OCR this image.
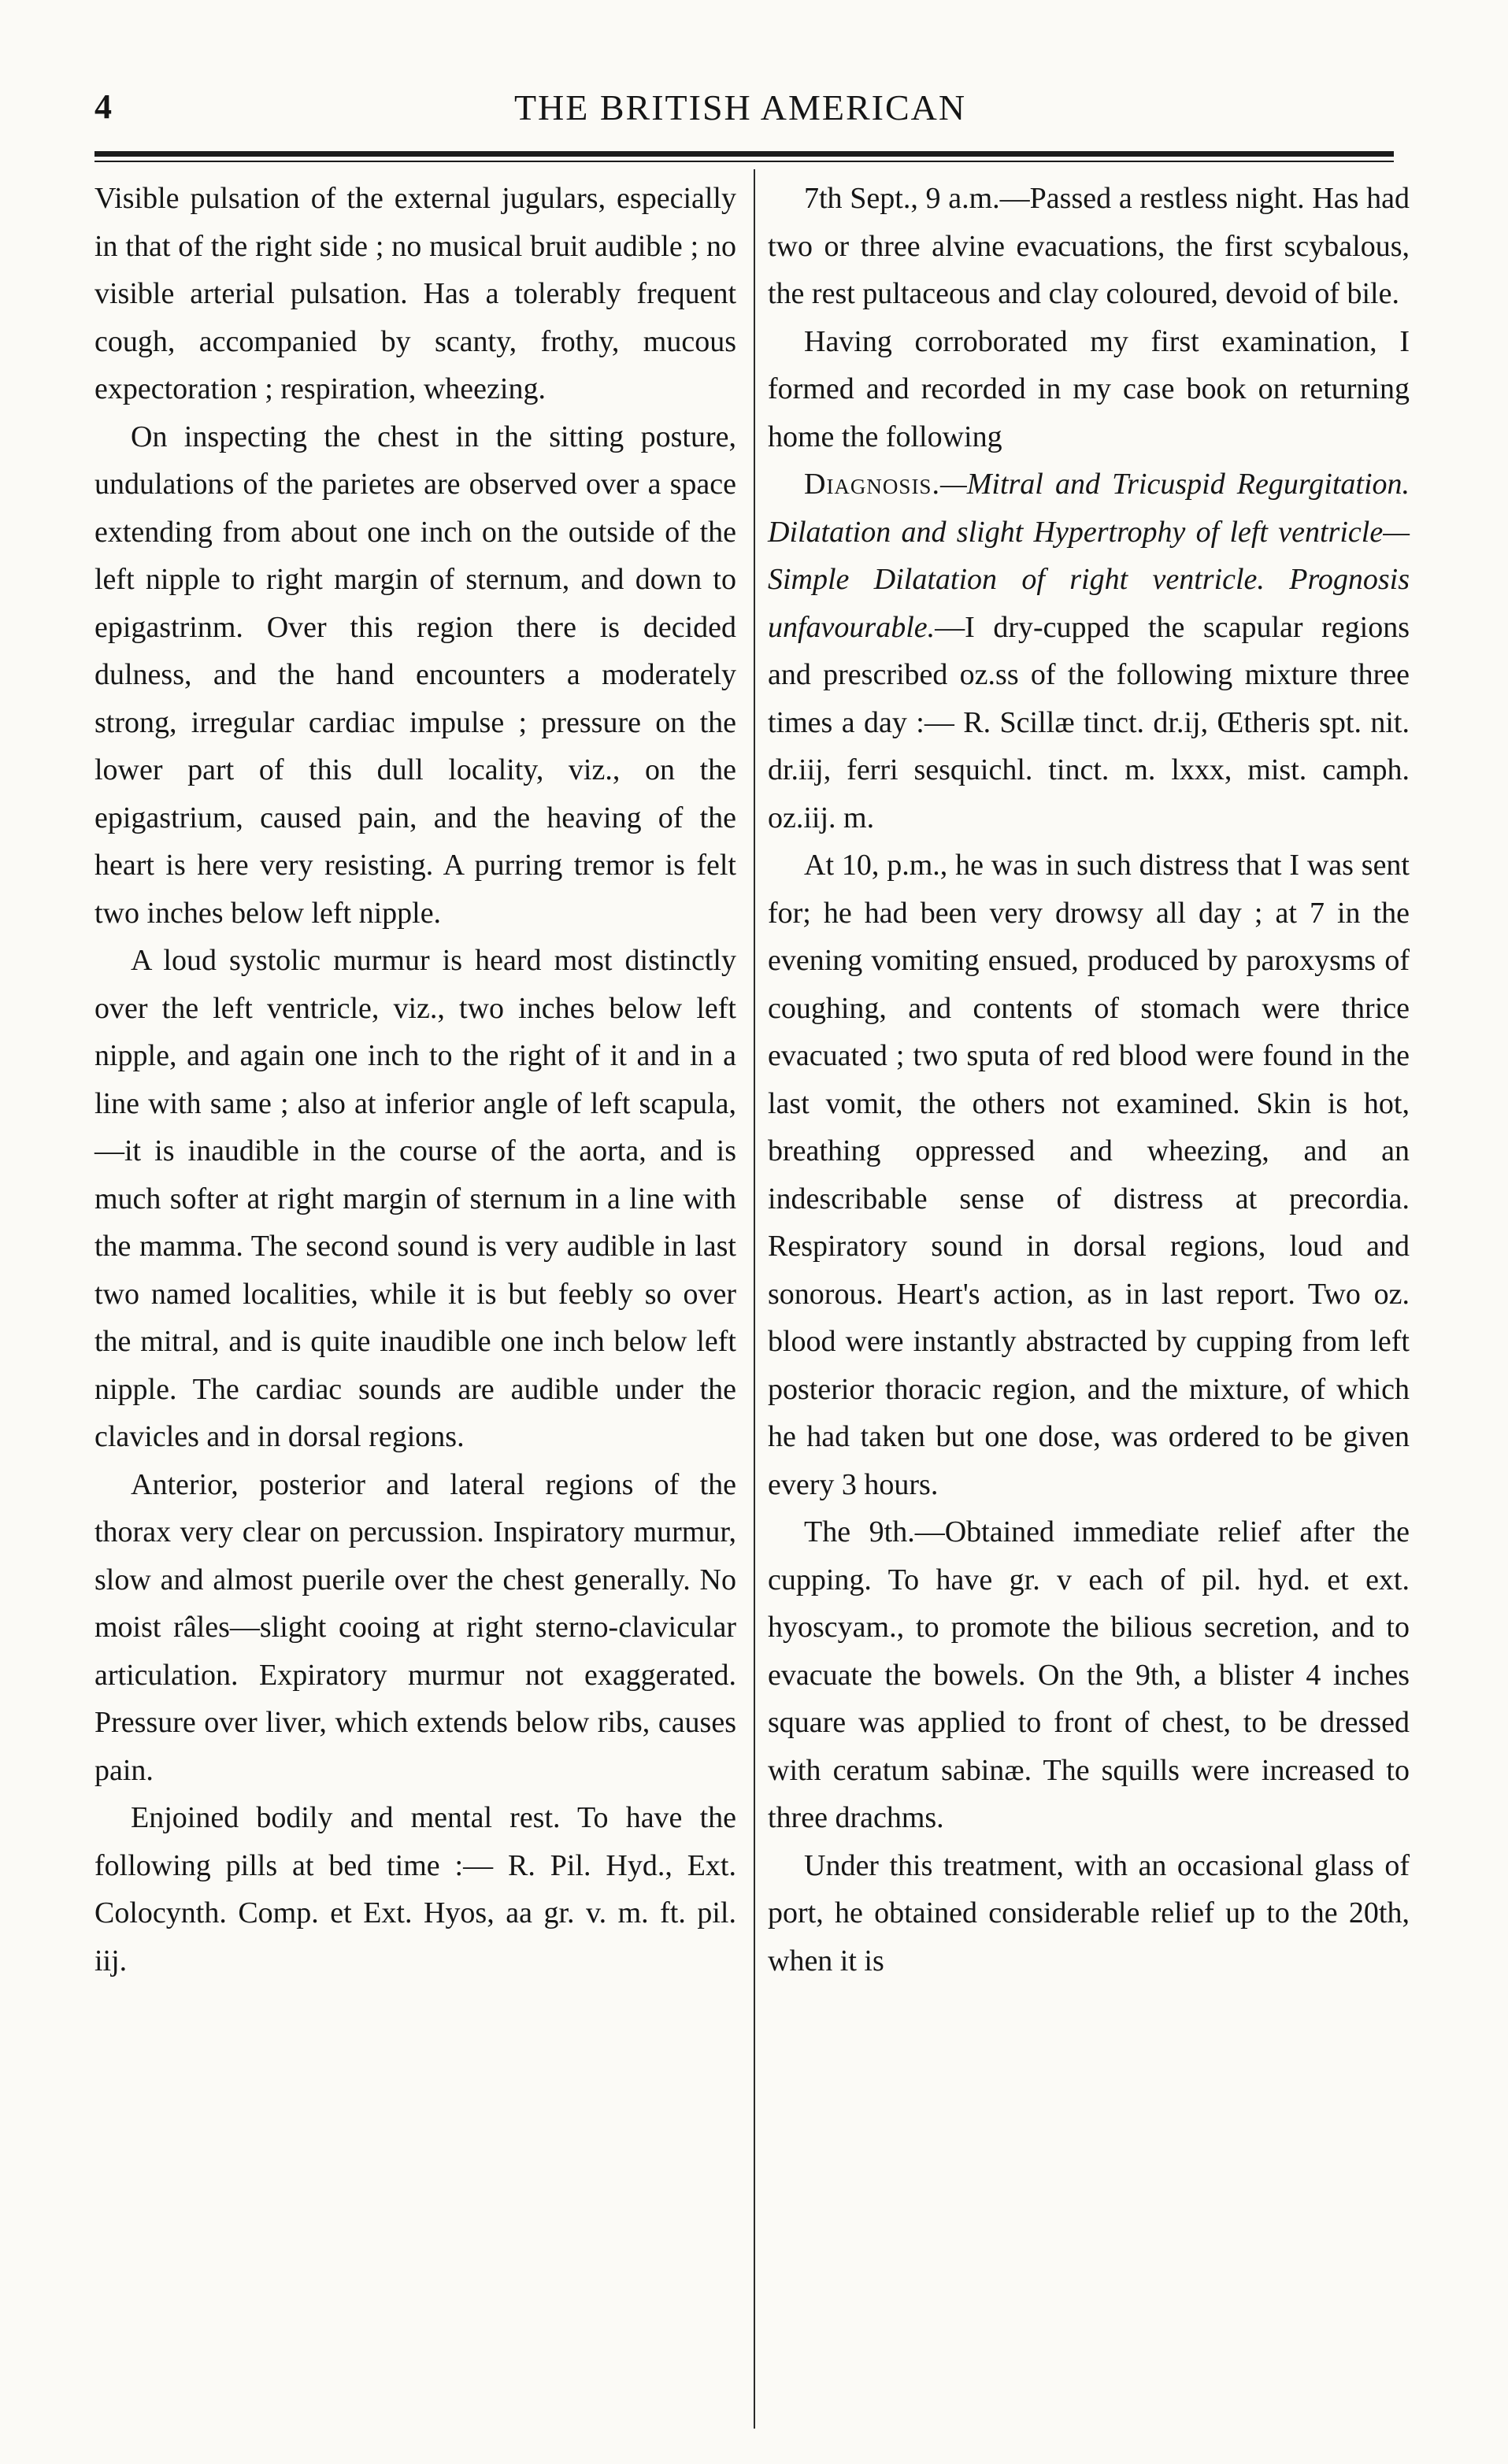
4	THE BRITISH AMERICAN

Visible pulsation of the external jugulars, especially in that of the right side ; no musical bruit audible ; no visible arterial pulsation. Has a tolerably frequent cough, accompanied by scanty, frothy, mucous expectoration ; respiration, wheezing.

On inspecting the chest in the sitting posture, undulations of the parietes are observed over a space extending from about one inch on the outside of the left nipple to right margin of sternum, and down to epigastrinm. Over this region there is decided dulness, and the hand encounters a moderately strong, irregular cardiac impulse ; pressure on the lower part of this dull locality, viz., on the epigastrium, caused pain, and the heaving of the heart is here very resisting. A purring tremor is felt two inches below left nipple.

A loud systolic murmur is heard most distinctly over the left ventricle, viz., two inches below left nipple, and again one inch to the right of it and in a line with same ; also at inferior angle of left scapula,—it is inaudible in the course of the aorta, and is much softer at right margin of sternum in a line with the mamma. The second sound is very audible in last two named localities, while it is but feebly so over the mitral, and is quite inaudible one inch below left nipple. The cardiac sounds are audible under the clavicles and in dorsal regions.

Anterior, posterior and lateral regions of the thorax very clear on percussion. Inspiratory murmur, slow and almost puerile over the chest generally. No moist râles—slight cooing at right sterno-clavicular articulation. Expiratory murmur not exaggerated. Pressure over liver, which extends below ribs, causes pain.

Enjoined bodily and mental rest. To have the following pills at bed time :— R. Pil. Hyd., Ext. Colocynth. Comp. et Ext. Hyos, aa gr. v. m. ft. pil. iij.

7th Sept., 9 a.m.—Passed a restless night. Has had two or three alvine evacuations, the first scybalous, the rest pultaceous and clay coloured, devoid of bile.

Having corroborated my first examination, I formed and recorded in my case book on returning home the following

Diagnosis.—Mitral and Tricuspid Regurgitation. Dilatation and slight Hypertrophy of left ventricle—Simple Dilatation of right ventricle. Prognosis unfavourable.—I dry-cupped the scapular regions and prescribed oz.ss of the following mixture three times a day :— R. Scillæ tinct. dr.ij, Œtheris spt. nit. dr.iij, ferri sesquichl. tinct. m. lxxx, mist. camph. oz.iij. m.

At 10, p.m., he was in such distress that I was sent for; he had been very drowsy all day ; at 7 in the evening vomiting ensued, produced by paroxysms of coughing, and contents of stomach were thrice evacuated ; two sputa of red blood were found in the last vomit, the others not examined. Skin is hot, breathing oppressed and wheezing, and an indescribable sense of distress at precordia. Respiratory sound in dorsal regions, loud and sonorous. Heart's action, as in last report. Two oz. blood were instantly abstracted by cupping from left posterior thoracic region, and the mixture, of which he had taken but one dose, was ordered to be given every 3 hours.

The 9th.—Obtained immediate relief after the cupping. To have gr. v each of pil. hyd. et ext. hyoscyam., to promote the bilious secretion, and to evacuate the bowels. On the 9th, a blister 4 inches square was applied to front of chest, to be dressed with ceratum sabinæ. The squills were increased to three drachms.

Under this treatment, with an occasional glass of port, he obtained considerable relief up to the 20th, when it is
